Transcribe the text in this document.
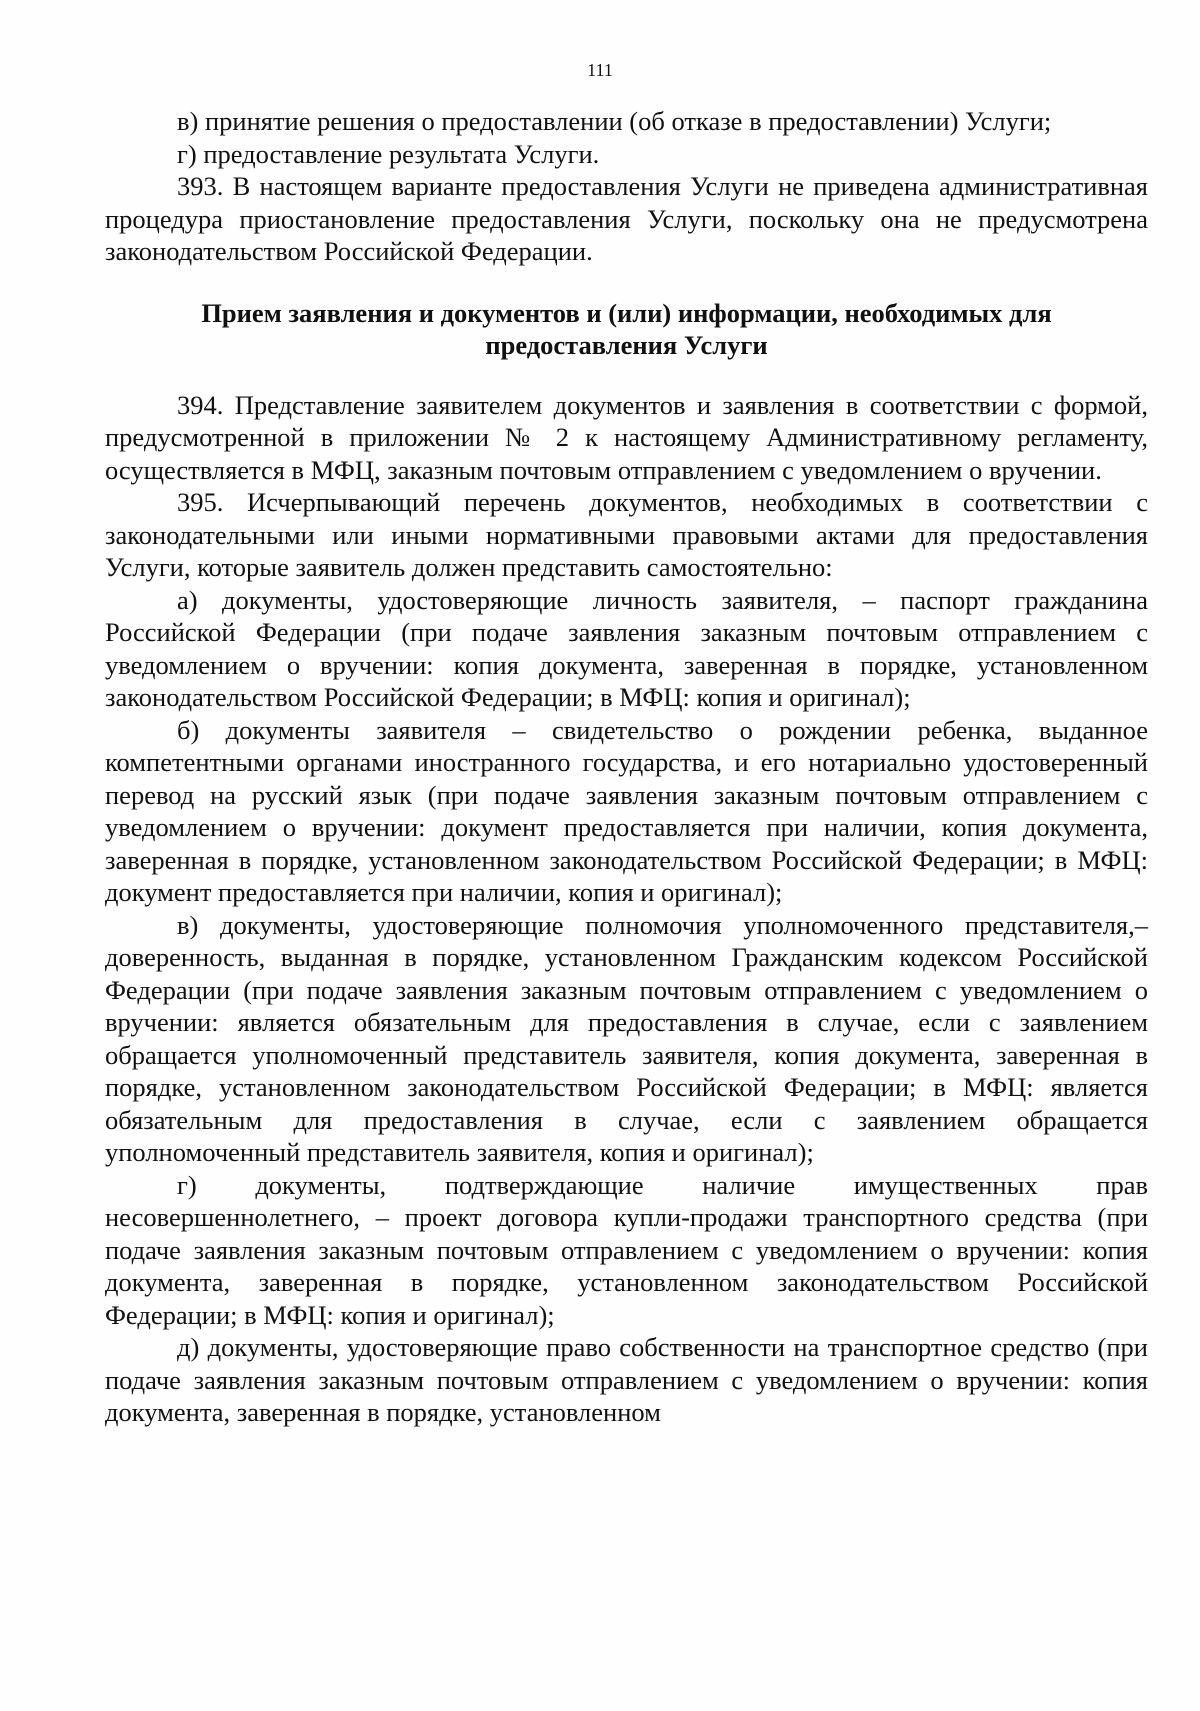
111

в) принятие решения о предоставлении (об отказе в предоставлении) Услуги;

г) предоставление результата Услуги.

393. В настоящем варианте предоставления Услуги не приведена административная процедура приостановление предоставления Услуги, поскольку она не предусмотрена законодательством Российской Федерации.

Прием заявления и документов и (или) информации, необходимых для предоставления Услуги

394. Представление заявителем документов и заявления в соответствии с формой, предусмотренной в приложении № 2 к настоящему Административному регламенту, осуществляется в МФЦ, заказным почтовым отправлением с уведомлением о вручении.

395. Исчерпывающий перечень документов, необходимых в соответствии с законодательными или иными нормативными правовыми актами для предоставления Услуги, которые заявитель должен представить самостоятельно:

а) документы, удостоверяющие личность заявителя, – паспорт гражданина Российской Федерации (при подаче заявления заказным почтовым отправлением с уведомлением о вручении: копия документа, заверенная в порядке, установленном законодательством Российской Федерации; в МФЦ: копия и оригинал);

б) документы заявителя – свидетельство о рождении ребенка, выданное компетентными органами иностранного государства, и его нотариально удостоверенный перевод на русский язык (при подаче заявления заказным почтовым отправлением с уведомлением о вручении: документ предоставляется при наличии, копия документа, заверенная в порядке, установленном законодательством Российской Федерации; в МФЦ: документ предоставляется при наличии, копия и оригинал);

в) документы, удостоверяющие полномочия уполномоченного представителя,– доверенность, выданная в порядке, установленном Гражданским кодексом Российской Федерации (при подаче заявления заказным почтовым отправлением с уведомлением о вручении: является обязательным для предоставления в случае, если с заявлением обращается уполномоченный представитель заявителя, копия документа, заверенная в порядке, установленном законодательством Российской Федерации; в МФЦ: является обязательным для предоставления в случае, если с заявлением обращается уполномоченный представитель заявителя, копия и оригинал);

г) документы, подтверждающие наличие имущественных прав несовершеннолетнего, – проект договора купли-продажи транспортного средства (при подаче заявления заказным почтовым отправлением с уведомлением о вручении: копия документа, заверенная в порядке, установленном законодательством Российской Федерации; в МФЦ: копия и оригинал);

д) документы, удостоверяющие право собственности на транспортное средство (при подаче заявления заказным почтовым отправлением с уведомлением о вручении: копия документа, заверенная в порядке, установленном
